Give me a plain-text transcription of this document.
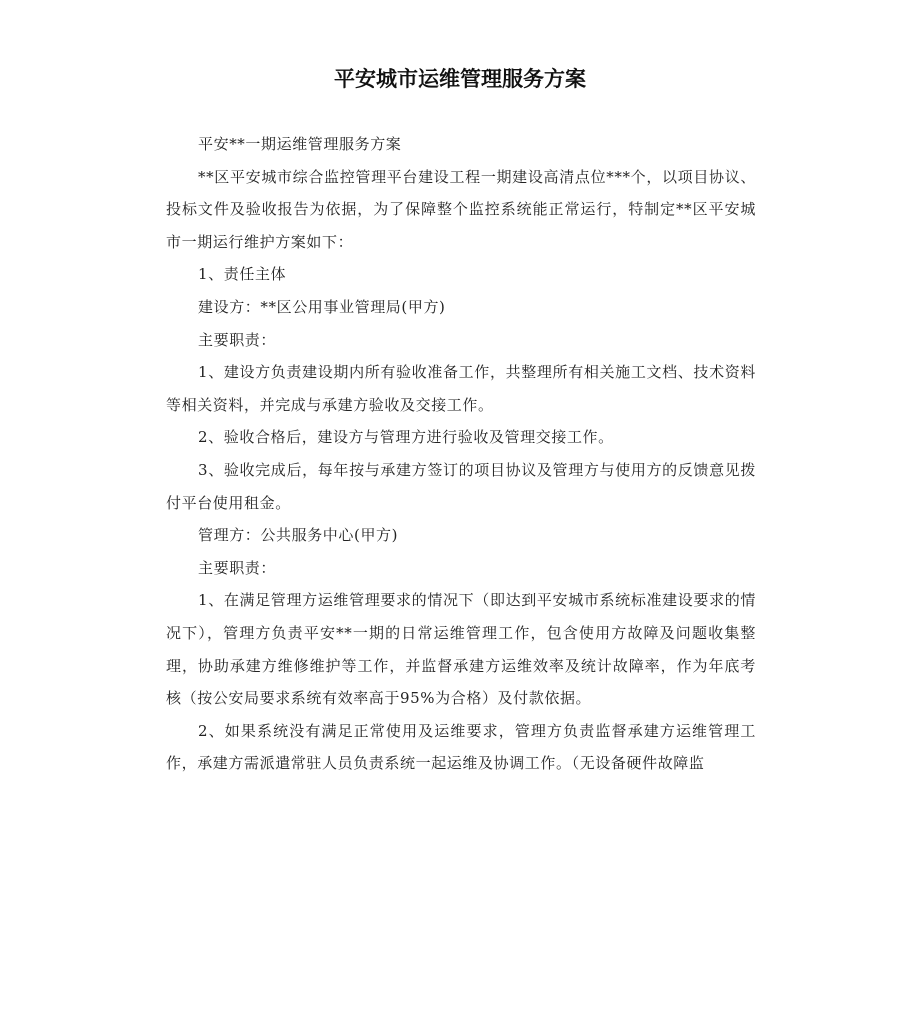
平安城市运维管理服务方案

平安**一期运维管理服务方案

**区平安城市综合监控管理平台建设工程一期建设高清点位***个，以项目协议、投标文件及验收报告为依据，为了保障整个监控系统能正常运行，特制定**区平安城市一期运行维护方案如下：

1、责任主体

建设方：**区公用事业管理局(甲方)

主要职责：

1、建设方负责建设期内所有验收准备工作，共整理所有相关施工文档、技术资料等相关资料，并完成与承建方验收及交接工作。

2、验收合格后，建设方与管理方进行验收及管理交接工作。

3、验收完成后，每年按与承建方签订的项目协议及管理方与使用方的反馈意见拨付平台使用租金。

管理方：公共服务中心(甲方)

主要职责：

1、在满足管理方运维管理要求的情况下（即达到平安城市系统标准建设要求的情况下），管理方负责平安**一期的日常运维管理工作，包含使用方故障及问题收集整理，协助承建方维修维护等工作，并监督承建方运维效率及统计故障率，作为年底考核（按公安局要求系统有效率高于95%为合格）及付款依据。

2、如果系统没有满足正常使用及运维要求，管理方负责监督承建方运维管理工作，承建方需派遣常驻人员负责系统一起运维及协调工作。（无设备硬件故障监
